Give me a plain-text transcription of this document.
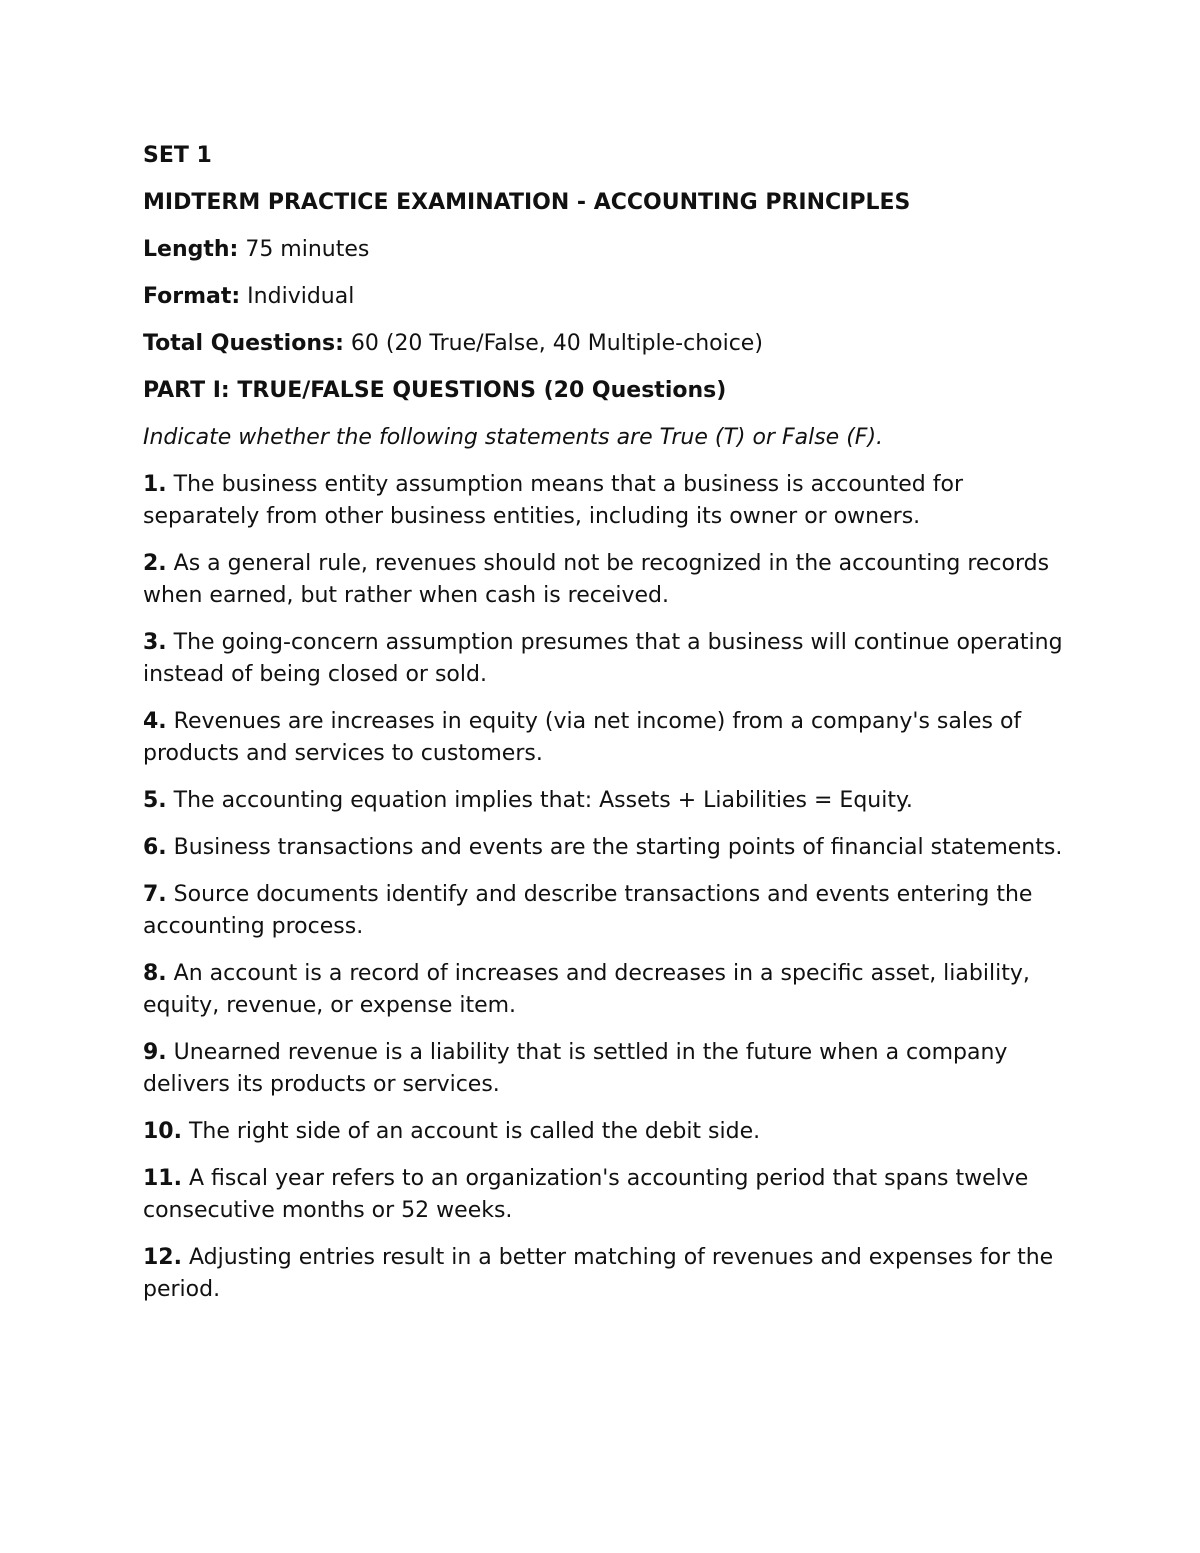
SET 1

MIDTERM PRACTICE EXAMINATION - ACCOUNTING PRINCIPLES

Length: 75 minutes

Format: Individual

Total Questions: 60 (20 True/False, 40 Multiple-choice)

PART I: TRUE/FALSE QUESTIONS (20 Questions)

Indicate whether the following statements are True (T) or False (F).

1. The business entity assumption means that a business is accounted for separately from other business entities, including its owner or owners.

2. As a general rule, revenues should not be recognized in the accounting records when earned, but rather when cash is received.

3. The going-concern assumption presumes that a business will continue operating instead of being closed or sold.

4. Revenues are increases in equity (via net income) from a company's sales of products and services to customers.

5. The accounting equation implies that: Assets + Liabilities = Equity.

6. Business transactions and events are the starting points of financial statements.

7. Source documents identify and describe transactions and events entering the accounting process.

8. An account is a record of increases and decreases in a specific asset, liability, equity, revenue, or expense item.

9. Unearned revenue is a liability that is settled in the future when a company delivers its products or services.

10. The right side of an account is called the debit side.

11. A fiscal year refers to an organization's accounting period that spans twelve consecutive months or 52 weeks.

12. Adjusting entries result in a better matching of revenues and expenses for the period.
